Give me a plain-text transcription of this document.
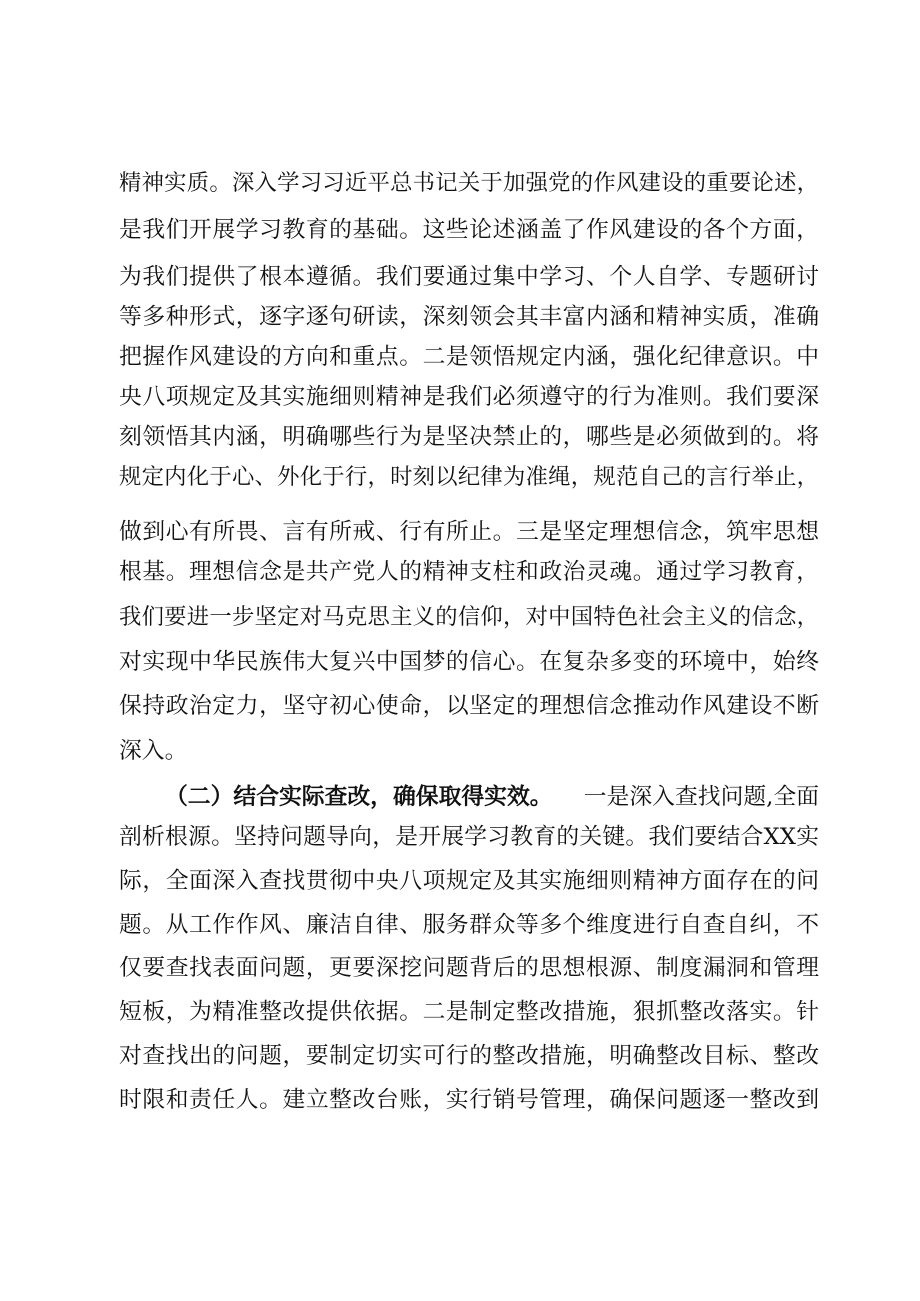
精神实质。深入学习习近平总书记关于加强党的作风建设的重要论述，
是我们开展学习教育的基础。这些论述涵盖了作风建设的各个方面，
为我们提供了根本遵循。我们要通过集中学习、个人自学、专题研讨
等多种形式，逐字逐句研读，深刻领会其丰富内涵和精神实质，准确
把握作风建设的方向和重点。二是领悟规定内涵，强化纪律意识。中
央八项规定及其实施细则精神是我们必须遵守的行为准则。我们要深
刻领悟其内涵，明确哪些行为是坚决禁止的，哪些是必须做到的。将
规定内化于心、外化于行，时刻以纪律为准绳，规范自己的言行举止，
做到心有所畏、言有所戒、行有所止。三是坚定理想信念，筑牢思想
根基。理想信念是共产党人的精神支柱和政治灵魂。通过学习教育，
我们要进一步坚定对马克思主义的信仰，对中国特色社会主义的信念，
对实现中华民族伟大复兴中国梦的信心。在复杂多变的环境中，始终
保持政治定力，坚守初心使命，以坚定的理想信念推动作风建设不断
深入。
（二）结合实际查改，确保取得实效。 一是深入查找问题,全面
剖析根源。坚持问题导向，是开展学习教育的关键。我们要结合XX实
际，全面深入查找贯彻中央八项规定及其实施细则精神方面存在的问
题。从工作作风、廉洁自律、服务群众等多个维度进行自查自纠，不
仅要查找表面问题，更要深挖问题背后的思想根源、制度漏洞和管理
短板，为精准整改提供依据。二是制定整改措施，狠抓整改落实。针
对查找出的问题，要制定切实可行的整改措施，明确整改目标、整改
时限和责任人。建立整改台账，实行销号管理，确保问题逐一整改到
